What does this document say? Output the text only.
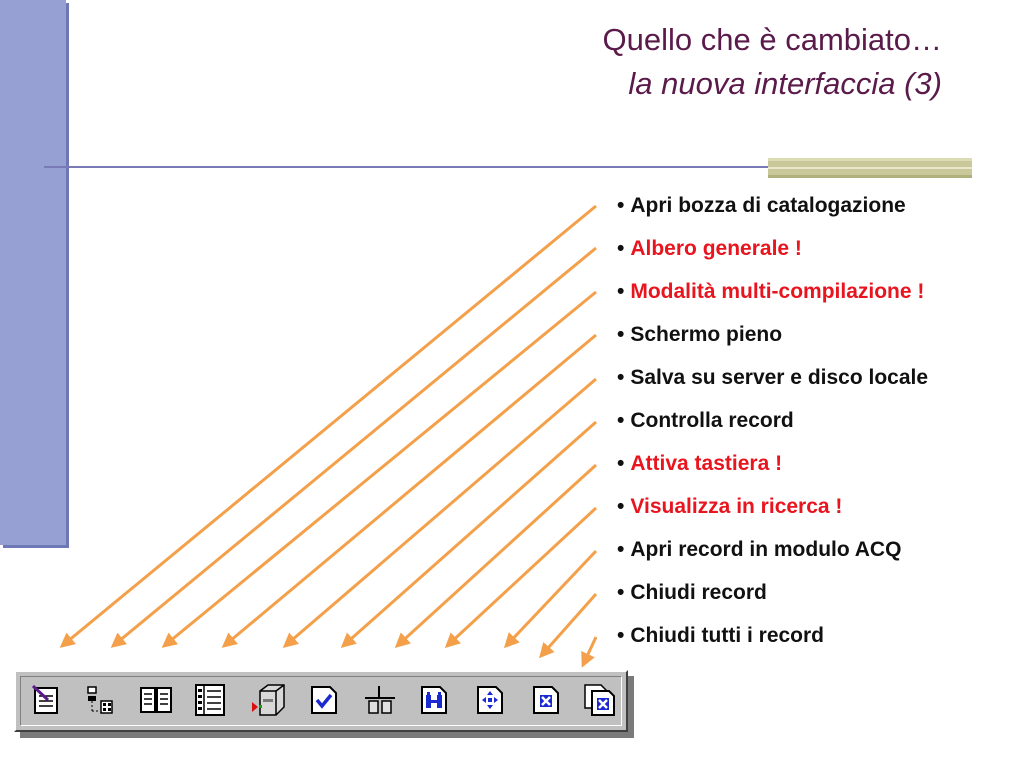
Quello che è cambiato…
la nuova interfaccia (3)
• Apri bozza di catalogazione
• Albero generale !
• Modalità multi-compilazione !
• Schermo pieno
• Salva su server e disco locale
• Controlla record
• Attiva tastiera !
• Visualizza in ricerca !
• Apri record in modulo ACQ
• Chiudi record
• Chiudi tutti i record
